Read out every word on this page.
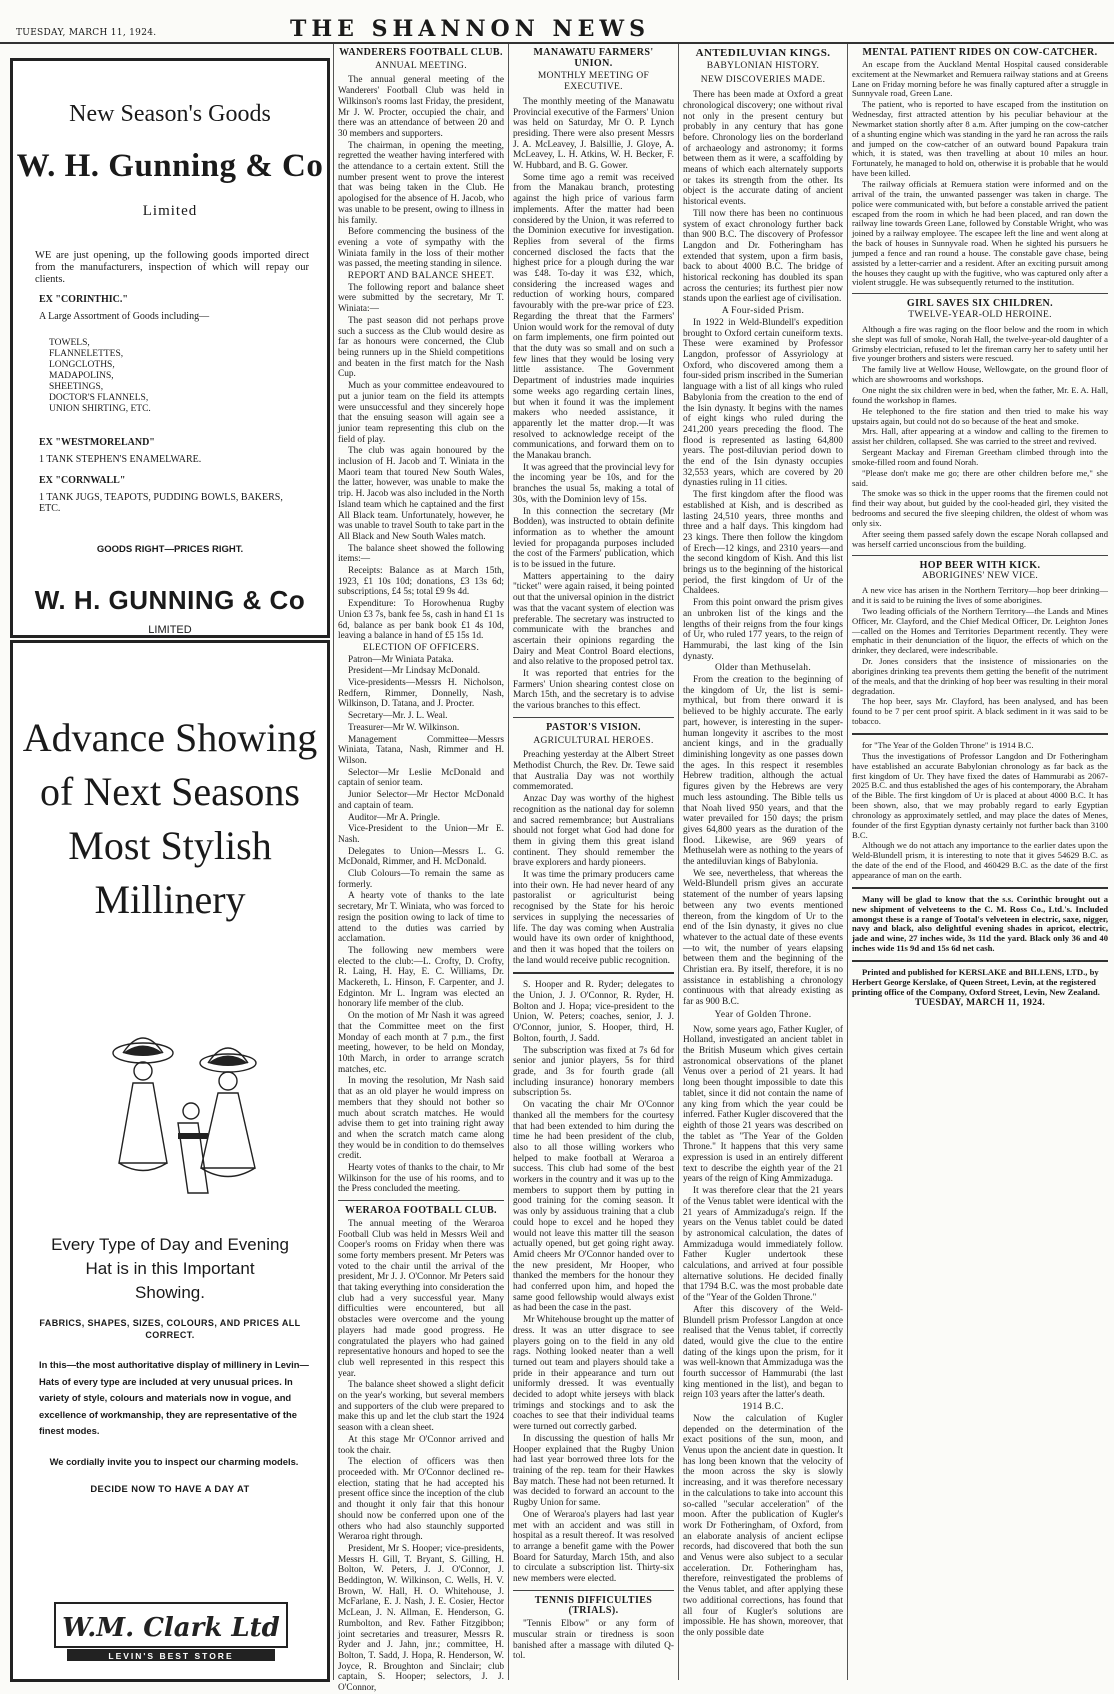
TUESDAY, MARCH 11, 1924.	THE SHANNON NEWS
New Season's Goods
W. H. Gunning & Co
Limited
WE are just opening, up the following goods imported direct from the manufacturers, inspection of which will repay our clients.
EX "CORINTHIC."
A Large Assortment of Goods including—
TOWELS,
FLANNELETTES,
LONGCLOTHS,
MADAPOLINS,
SHEETINGS,
DOCTOR'S FLANNELS,
UNION SHIRTING, ETC.
EX "WESTMORELAND"
1 TANK STEPHEN'S ENAMELWARE.
EX "CORNWALL"
1 TANK JUGS, TEAPOTS, PUDDING BOWLS, BAKERS, ETC.
GOODS RIGHT—PRICES RIGHT.
W. H. GUNNING & Co
LIMITED
Advance Showing
of Next Seasons
Most Stylish
Millinery
Every Type of Day and Evening
Hat is in this Important
Showing.
FABRICS, SHAPES, SIZES, COLOURS, AND PRICES ALL CORRECT.
In this—the most authoritative display of millinery in Levin—Hats of every type are included at very unusual prices. In variety of style, colours and materials now in vogue, and excellence of workmanship, they are representative of the finest modes.
We cordially invite you to inspect our charming models.
DECIDE NOW TO HAVE A DAY AT
W.M. Clark Ltd
LEVIN'S BEST STORE
WANDERERS FOOTBALL CLUB.
ANNUAL MEETING.

The annual general meeting of the Wanderers' Football Club was held in Wilkinson's rooms last Friday, the president, Mr J. W. Procter, occupied the chair, and there was an attendance of between 20 and 30 members and supporters.

The chairman, in opening the meeting, regretted the weather having interfered with the attendance to a certain extent. Still the number present went to prove the interest that was being taken in the Club. He apologised for the absence of H. Jacob, who was unable to be present, owing to illness in his family.

Before commencing the business of the evening a vote of sympathy with the Winiata family in the loss of their mother was passed, the meeting standing in silence.

REPORT AND BALANCE SHEET.

The following report and balance sheet were submitted by the secretary, Mr T. Winiata:—

The past season did not perhaps prove such a success as the Club would desire as far as honours were concerned, the Club being runners up in the Shield competitions and beaten in the first match for the Nash Cup.

Much as your committee endeavoured to put a junior team on the field its attempts were unsuccessful and they sincerely hope that the ensuing season will again see a junior team representing this club on the field of play.

The club was again honoured by the inclusion of H. Jacob and T. Winiata in the Maori team that toured New South Wales, the latter, however, was unable to make the trip. H. Jacob was also included in the North Island team which he captained and the first All Black team. Unfortunately, however, he was unable to travel South to take part in the All Black and New South Wales match.

The balance sheet showed the following items:—

Receipts: Balance as at March 15th, 1923, £1 10s 10d; donations, £3 13s 6d; subscriptions, £4 5s; total £9 9s 4d.

Expenditure: To Horowhenua Rugby Union £3 7s, bank fee 5s, cash in hand £1 1s 6d, balance as per bank book £1 4s 10d, leaving a balance in hand of £5 15s 1d.

ELECTION OF OFFICERS.

Patron—Mr Winiata Pataka.

President—Mr Lindsay McDonald.

Vice-presidents—Messrs H. Nicholson, Redfern, Rimmer, Donnelly, Nash, Wilkinson, D. Tatana, and J. Procter.

Secretary—Mr. J. L. Weal.

Treasurer—Mr W. Wilkinson.

Management Committee—Messrs Winiata, Tatana, Nash, Rimmer and H. Wilson.

Selector—Mr Leslie McDonald and captain of senior team.

Junior Selector—Mr Hector McDonald and captain of team.

Auditor—Mr A. Pringle.

Vice-President to the Union—Mr E. Nash.

Delegates to Union—Messrs L. G. McDonald, Rimmer, and H. McDonald.

Club Colours—To remain the same as formerly.

A hearty vote of thanks to the late secretary, Mr T. Winiata, who was forced to resign the position owing to lack of time to attend to the duties was carried by acclamation.

The following new members were elected to the club:—L. Crofty, D. Crofty, R. Laing, H. Hay, E. C. Williams, Dr. Mackereth, L. Hinson, F. Carpenter, and J. Edginton. Mr L. Ingram was elected an honorary life member of the club.

On the motion of Mr Nash it was agreed that the Committee meet on the first Monday of each month at 7 p.m., the first meeting, however, to be held on Monday, 10th March, in order to arrange scratch matches, etc.

In moving the resolution, Mr Nash said that as an old player he would impress on members that they should not bother so much about scratch matches. He would advise them to get into training right away and when the scratch match came along they would be in condition to do themselves credit.

Hearty votes of thanks to the chair, to Mr Wilkinson for the use of his rooms, and to the Press concluded the meeting.

WERAROA FOOTBALL CLUB.

The annual meeting of the Weraroa Football Club was held in Messrs Weil and Cooper's rooms on Friday when there was some forty members present. Mr Peters was voted to the chair until the arrival of the president, Mr J. J. O'Connor. Mr Peters said that taking everything into consideration the club had a very successful year. Many difficulties were encountered, but all obstacles were overcome and the young players had made good progress. He congratulated the players who had gained representative honours and hoped to see the club well represented in this respect this year.

The balance sheet showed a slight deficit on the year's working, but several members and supporters of the club were prepared to make this up and let the club start the 1924 season with a clean sheet.

At this stage Mr O'Connor arrived and took the chair.

The election of officers was then proceeded with. Mr O'Connor declined re-election, stating that he had accepted his present office since the inception of the club and thought it only fair that this honour should now be conferred upon one of the others who had also staunchly supported Weraroa right through.

President, Mr S. Hooper; vice-presidents, Messrs H. Gill, T. Bryant, S. Gilling, H. Bolton, W. Peters, J. J. O'Connor, J. Beddington, W. Wilkinson, C. Wells, H. V. Brown, W. Hall, H. O. Whitehouse, J. McFarlane, E. J. Nash, J. E. Cosier, Hector McLean, J. N. Allman, E. Henderson, G. Rumbolton, and Rev. Father Fitzgibbon; joint secretaries and treasurer, Messrs R. Ryder and J. Jahn, jnr.; committee, H. Bolton, T. Sadd, J. Hopa, R. Henderson, W. Joyce, R. Broughton and Sinclair; club captain, S. Hooper; selectors, J. J. O'Connor,

MANAWATU FARMERS' UNION.
MONTHLY MEETING OF EXECUTIVE.

The monthly meeting of the Manawatu Provincial executive of the Farmers' Union was held on Saturday, Mr O. P. Lynch presiding. There were also present Messrs J. A. McLeavey, J. Balsillie, J. Gloye, A. McLeavey, L. H. Atkins, W. H. Becker, F. W. Hubbard, and B. G. Gower.

Some time ago a remit was received from the Manakau branch, protesting against the high price of various farm implements. After the matter had been considered by the Union, it was referred to the Dominion executive for investigation. Replies from several of the firms concerned disclosed the facts that the highest price for a plough during the war was £48. To-day it was £32, which, considering the increased wages and reduction of working hours, compared favourably with the pre-war price of £23. Regarding the threat that the Farmers' Union would work for the removal of duty on farm implements, one firm pointed out that the duty was so small and on such a few lines that they would be losing very little assistance. The Government Department of industries made inquiries some weeks ago regarding certain lines, but when it found it was the implement makers who needed assistance, it apparently let the matter drop.—It was resolved to acknowledge receipt of the communications, and forward them on to the Manakau branch.

It was agreed that the provincial levy for the incoming year be 10s, and for the branches the usual 5s, making a total of 30s, with the Dominion levy of 15s.

In this connection the secretary (Mr Bodden), was instructed to obtain definite information as to whether the amount levied for propaganda purposes included the cost of the Farmers' publication, which is to be issued in the future.

Matters appertaining to the dairy "ticket" were again raised, it being pointed out that the universal opinion in the district was that the vacant system of election was preferable. The secretary was instructed to communicate with the branches and ascertain their opinions regarding the Dairy and Meat Control Board elections, and also relative to the proposed petrol tax.

It was reported that entries for the Farmers' Union shearing contest close on March 15th, and the secretary is to advise the various branches to this effect.

PASTOR'S VISION.
AGRICULTURAL HEROES.

Preaching yesterday at the Albert Street Methodist Church, the Rev. Dr. Tewe said that Australia Day was not worthily commemorated.

Anzac Day was worthy of the highest recognition as the national day for solemn and sacred remembrance; but Australians should not forget what God had done for them in giving them this great island continent. They should remember the brave explorers and hardy pioneers.

It was time the primary producers came into their own. He had never heard of any pastoralist or agriculturist being recognised by the State for his heroic services in supplying the necessaries of life. The day was coming when Australia would have its own order of knighthood, and then it was hoped that the toilers on the land would receive public recognition.

S. Hooper and R. Ryder; delegates to the Union, J. J. O'Connor, R. Ryder, H. Bolton and J. Hopa; vice-president to the Union, W. Peters; coaches, senior, J. J. O'Connor, junior, S. Hooper, third, H. Bolton, fourth, J. Sadd.

The subscription was fixed at 7s 6d for senior and junior players, 5s for third grade, and 3s for fourth grade (all including insurance) honorary members subscription 5s.

On vacating the chair Mr O'Connor thanked all the members for the courtesy that had been extended to him during the time he had been president of the club, also to all those willing workers who helped to make football at Weraroa a success. This club had some of the best workers in the country and it was up to the members to support them by putting in good training for the coming season. It was only by assiduous training that a club could hope to excel and he hoped they would not leave this matter till the season actually opened, but get going right away. Amid cheers Mr O'Connor handed over to the new president, Mr Hooper, who thanked the members for the honour they had conferred upon him, and hoped the same good fellowship would always exist as had been the case in the past.

Mr Whitehouse brought up the matter of dress. It was an utter disgrace to see players going on to the field in any old rags. Nothing looked neater than a well turned out team and players should take a pride in their appearance and turn out uniformly dressed. It was eventually decided to adopt white jerseys with black trimings and stockings and to ask the coaches to see that their individual teams were turned out correctly garbed.

In discussing the question of halls Mr Hooper explained that the Rugby Union had last year borrowed three lots for the training of the rep. team for their Hawkes Bay match. These had not been returned. It was decided to forward an account to the Rugby Union for same.

One of Weraroa's players had last year met with an accident and was still in hospital as a result thereof. It was resolved to arrange a benefit game with the Power Board for Saturday, March 15th, and also to circulate a subscription list. Thirty-six new members were elected.

TENNIS DIFFICULTIES (TRIALS).

"Tennis Elbow" or any form of muscular strain or tiredness is soon banished after a massage with diluted Q-tol.

ANTEDILUVIAN KINGS.
BABYLONIAN HISTORY.
NEW DISCOVERIES MADE.

There has been made at Oxford a great chronological discovery; one without rival not only in the present century but probably in any century that has gone before. Chronology lies on the borderland of archaeology and astronomy; it forms between them as it were, a scaffolding by means of which each alternately supports or takes its strength from the other. Its object is the accurate dating of ancient historical events.

Till now there has been no continuous system of exact chronology further back than 900 B.C. The discovery of Professor Langdon and Dr. Fotheringham has extended that system, upon a firm basis, back to about 4000 B.C. The bridge of historical reckoning has doubled its span across the centuries; its furthest pier now stands upon the earliest age of civilisation.

A Four-sided Prism.

In 1922 in Weld-Blundell's expedition brought to Oxford certain cuneiform texts. These were examined by Professor Langdon, professor of Assyriology at Oxford, who discovered among them a four-sided prism inscribed in the Sumerian language with a list of all kings who ruled Babylonia from the creation to the end of the Isin dynasty. It begins with the names of eight kings who ruled during the 241,200 years preceding the flood. The flood is represented as lasting 64,800 years. The post-diluvian period down to the end of the Isin dynasty occupies 32,553 years, which are covered by 20 dynasties ruling in 11 cities.

The first kingdom after the flood was established at Kish, and is described as lasting 24,510 years, three months and three and a half days. This kingdom had 23 kings. There then follow the kingdom of Erech—12 kings, and 2310 years—and the second kingdom of Kish. And this list brings us to the beginning of the historical period, the first kingdom of Ur of the Chaldees.

From this point onward the prism gives an unbroken list of the kings and the lengths of their reigns from the four kings of Ur, who ruled 177 years, to the reign of Hammurabi, the last king of the Isin dynasty.

Older than Methuselah.

From the creation to the beginning of the kingdom of Ur, the list is semi-mythical, but from there onward it is believed to be highly accurate. The early part, however, is interesting in the super-human longevity it ascribes to the most ancient kings, and in the gradually diminishing longevity as one passes down the ages. In this respect it resembles Hebrew tradition, although the actual figures given by the Hebrews are very much less astounding. The Bible tells us that Noah lived 950 years, and that the water prevailed for 150 days; the prism gives 64,800 years as the duration of the flood. Likewise, are 969 years of Methuselah were as nothing to the years of the antediluvian kings of Babylonia.

We see, nevertheless, that whereas the Weld-Blundell prism gives an accurate statement of the number of years lapsing between any two events mentioned thereon, from the kingdom of Ur to the end of the Isin dynasty, it gives no clue whatever to the actual date of these events—to wit, the number of years elapsing between them and the beginning of the Christian era. By itself, therefore, it is no assistance in establishing a chronology continuous with that already existing as far as 900 B.C.

Year of Golden Throne.

Now, some years ago, Father Kugler, of Holland, investigated an ancient tablet in the British Museum which gives certain astronomical observations of the planet Venus over a period of 21 years. It had long been thought impossible to date this tablet, since it did not contain the name of any king from which the year could be inferred. Father Kugler discovered that the eighth of those 21 years was described on the tablet as "The Year of the Golden Throne." It happens that this very same expression is used in an entirely different text to describe the eighth year of the 21 years of the reign of King Ammizaduga.

It was therefore clear that the 21 years of the Venus tablet were identical with the 21 years of Ammizaduga's reign. If the years on the Venus tablet could be dated by astronomical calculation, the dates of Ammizaduga would immediately follow. Father Kugler undertook these calculations, and arrived at four possible alternative solutions. He decided finally that 1794 B.C. was the most probable date of the "Year of the Golden Throne."

After this discovery of the Weld-Blundell prism Professor Langdon at once realised that the Venus tablet, if correctly dated, would give the clue to the entire dating of the kings upon the prism, for it was well-known that Ammizaduga was the fourth successor of Hammurabi (the last king mentioned in the list), and began to reign 103 years after the latter's death.

1914 B.C.

Now the calculation of Kugler depended on the determination of the exact positions of the sun, moon, and Venus upon the ancient date in question. It has long been known that the velocity of the moon across the sky is slowly increasing, and it was therefore necessary in the calculations to take into account this so-called "secular acceleration" of the moon. After the publication of Kugler's work Dr Fotheringham, of Oxford, from an elaborate analysis of ancient eclipse records, had discovered that both the sun and Venus were also subject to a secular acceleration. Dr. Fotheringham has, therefore, reinvestigated the problems of the Venus tablet, and after applying these two additional corrections, has found that all four of Kugler's solutions are impossible. He has shown, moreover, that the only possible date

MENTAL PATIENT RIDES ON COW-CATCHER.

An escape from the Auckland Mental Hospital caused considerable excitement at the Newmarket and Remuera railway stations and at Greens Lane on Friday morning before he was finally captured after a struggle in Sunnyvale road, Green Lane.

The patient, who is reported to have escaped from the institution on Wednesday, first attracted attention by his peculiar behaviour at the Newmarket station shortly after 8 a.m. After jumping on the cow-catcher of a shunting engine which was standing in the yard he ran across the rails and jumped on the cow-catcher of an outward bound Papakura train which, it is stated, was then travelling at about 10 miles an hour. Fortunately, he managed to hold on, otherwise it is probable that he would have been killed.

The railway officials at Remuera station were informed and on the arrival of the train, the unwanted passenger was taken in charge. The police were communicated with, but before a constable arrived the patient escaped from the room in which he had been placed, and ran down the railway line towards Green Lane, followed by Constable Wright, who was joined by a railway employee. The escapee left the line and went along at the back of houses in Sunnyvale road. When he sighted his pursuers he jumped a fence and ran round a house. The constable gave chase, being assisted by a letter-carrier and a resident. After an exciting pursuit among the houses they caught up with the fugitive, who was captured only after a violent struggle. He was subsequently returned to the institution.

GIRL SAVES SIX CHILDREN.
TWELVE-YEAR-OLD HEROINE.

Although a fire was raging on the floor below and the room in which she slept was full of smoke, Norah Hall, the twelve-year-old daughter of a Grimsby electrician, refused to let the fireman carry her to safety until her five younger brothers and sisters were rescued.

The family live at Wellow House, Wellowgate, on the ground floor of which are showrooms and workshops.

One night the six children were in bed, when the father, Mr. E. A. Hall, found the workshop in flames.

He telephoned to the fire station and then tried to make his way upstairs again, but could not do so because of the heat and smoke.

Mrs. Hall, after appearing at a window and calling to the firemen to assist her children, collapsed. She was carried to the street and revived.

Sergeant Mackay and Fireman Greetham climbed through into the smoke-filled room and found Norah.

"Please don't make me go; there are other children before me," she said.

The smoke was so thick in the upper rooms that the firemen could not find their way about, but guided by the cool-headed girl, they visited the bedrooms and secured the five sleeping children, the oldest of whom was only six.

After seeing them passed safely down the escape Norah collapsed and was herself carried unconscious from the building.

HOP BEER WITH KICK.
ABORIGINES' NEW VICE.

A new vice has arisen in the Northern Territory—hop beer drinking—and it is said to be ruining the lives of some aborigines.

Two leading officials of the Northern Territory—the Lands and Mines Officer, Mr. Clayford, and the Chief Medical Officer, Dr. Leighton Jones—called on the Homes and Territories Department recently. They were emphatic in their denunciation of the liquor, the effects of which on the drinker, they declared, were indescribable.

Dr. Jones considers that the insistence of missionaries on the aborigines drinking tea prevents them getting the benefit of the nutriment of the meals, and that the drinking of hop beer was resulting in their moral degradation.

The hop beer, says Mr. Clayford, has been analysed, and has been found to be 7 per cent proof spirit. A black sediment in it was said to be tobacco.

for "The Year of the Golden Throne" is 1914 B.C.

Thus the investigations of Professor Langdon and Dr Fotheringham have established an accurate Babylonian chronology as far back as the first kingdom of Ur. They have fixed the dates of Hammurabi as 2067-2025 B.C. and thus established the ages of his contemporary, the Abraham of the Bible. The first kingdom of Ur is placed at about 4000 B.C. It has been shown, also, that we may probably regard to early Egyptian chronology as approximately settled, and may place the dates of Menes, founder of the first Egyptian dynasty certainly not further back than 3100 B.C.

Although we do not attach any importance to the earlier dates upon the Weld-Blundell prism, it is interesting to note that it gives 54629 B.C. as the date of the end of the Flood, and 460429 B.C. as the date of the first appearance of man on the earth.

Many will be glad to know that the s.s. Corinthic brought out a new shipment of velveteens to the C. M. Ross Co., Ltd.'s. Included amongst these is a range of Tootal's velveteen in electric, saxe, nigger, navy and black, also delightful evening shades in apricot, electric, jade and wine, 27 inches wide, 3s 11d the yard. Black only 36 and 40 inches wide 11s 9d and 15s 6d net cash.

Printed and published for KERSLAKE and BILLENS, LTD., by Herbert George Kerslake, of Queen Street, Levin, at the registered printing office of the Company, Oxford Street, Levin, New Zealand.

TUESDAY, MARCH 11, 1924.
